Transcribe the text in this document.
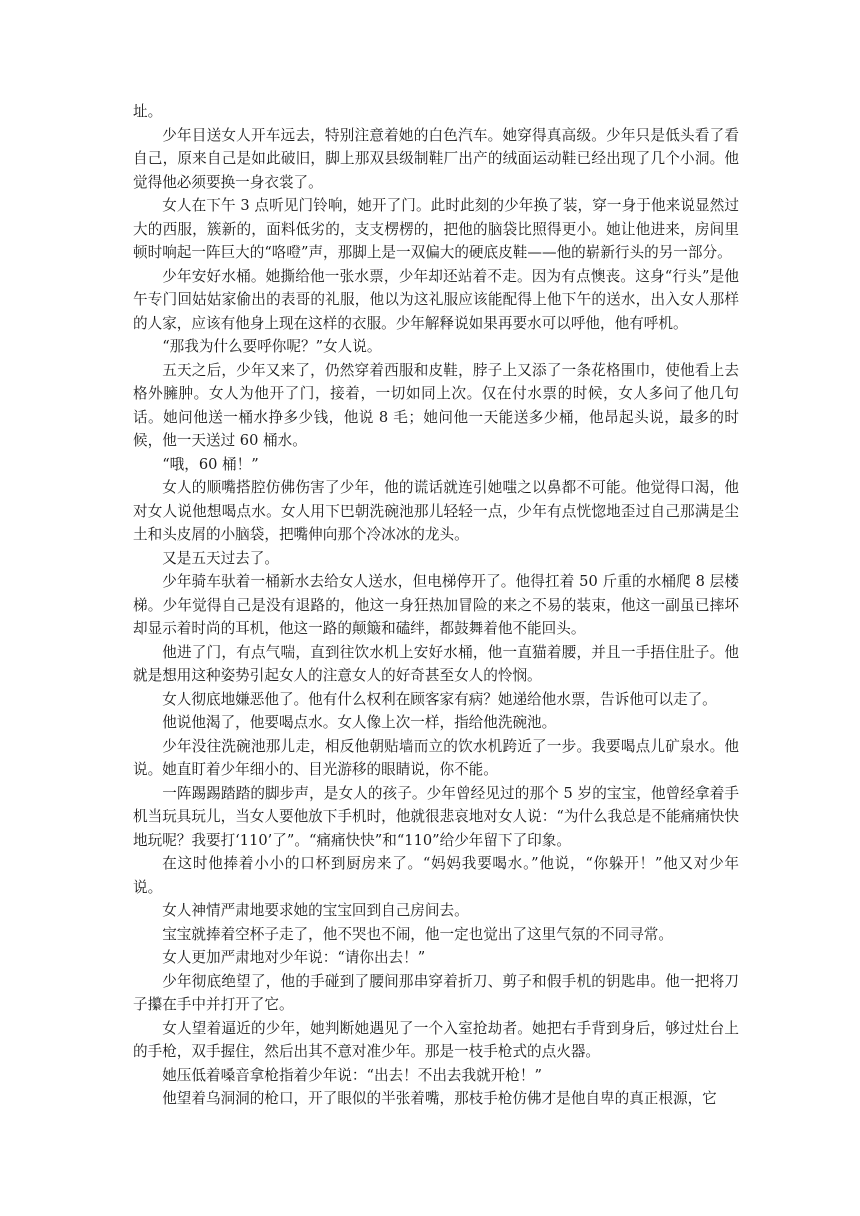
址。

少年目送女人开车远去，特别注意着她的白色汽车。她穿得真高级。少年只是低头看了看自己，原来自己是如此破旧，脚上那双县级制鞋厂出产的绒面运动鞋已经出现了几个小洞。他觉得他必须要换一身衣裳了。

女人在下午 3 点听见门铃响，她开了门。此时此刻的少年换了装，穿一身于他来说显然过大的西服，簇新的，面料低劣的，支支楞楞的，把他的脑袋比照得更小。她让他进来，房间里顿时响起一阵巨大的“咯噔”声，那脚上是一双偏大的硬底皮鞋——他的崭新行头的另一部分。

少年安好水桶。她撕给他一张水票，少年却还站着不走。因为有点懊丧。这身“行头”是他午专门回姑姑家偷出的表哥的礼服，他以为这礼服应该能配得上他下午的送水，出入女人那样的人家，应该有他身上现在这样的衣服。少年解释说如果再要水可以呼他，他有呼机。

“那我为什么要呼你呢？”女人说。

五天之后，少年又来了，仍然穿着西服和皮鞋，脖子上又添了一条花格围巾，使他看上去格外臃肿。女人为他开了门，接着，一切如同上次。仅在付水票的时候，女人多问了他几句话。她问他送一桶水挣多少钱，他说 8 毛；她问他一天能送多少桶，他昂起头说，最多的时候，他一天送过 60 桶水。

“哦，60 桶！”

女人的顺嘴搭腔仿佛伤害了少年，他的谎话就连引她嗤之以鼻都不可能。他觉得口渴，他对女人说他想喝点水。女人用下巴朝洗碗池那儿轻轻一点，少年有点恍惚地歪过自己那满是尘土和头皮屑的小脑袋，把嘴伸向那个冷冰冰的龙头。

又是五天过去了。

少年骑车驮着一桶新水去给女人送水，但电梯停开了。他得扛着 50 斤重的水桶爬 8 层楼梯。少年觉得自己是没有退路的，他这一身狂热加冒险的来之不易的装束，他这一副虽已摔坏却显示着时尚的耳机，他这一路的颠簸和磕绊，都鼓舞着他不能回头。

他进了门，有点气喘，直到往饮水机上安好水桶，他一直猫着腰，并且一手捂住肚子。他就是想用这种姿势引起女人的注意女人的好奇甚至女人的怜悯。

女人彻底地嫌恶他了。他有什么权利在顾客家有病？她递给他水票，告诉他可以走了。

他说他渴了，他要喝点水。女人像上次一样，指给他洗碗池。

少年没往洗碗池那儿走，相反他朝贴墙而立的饮水机跨近了一步。我要喝点儿矿泉水。他说。她直盯着少年细小的、目光游移的眼睛说，你不能。

一阵踢踢踏踏的脚步声，是女人的孩子。少年曾经见过的那个 5 岁的宝宝，他曾经拿着手机当玩具玩儿，当女人要他放下手机时，他就很悲哀地对女人说：“为什么我总是不能痛痛快快地玩呢？我要打‘110’了”。“痛痛快快”和“110”给少年留下了印象。

在这时他捧着小小的口杯到厨房来了。“妈妈我要喝水。”他说，“你躲开！”他又对少年说。

女人神情严肃地要求她的宝宝回到自己房间去。

宝宝就捧着空杯子走了，他不哭也不闹，他一定也觉出了这里气氛的不同寻常。

女人更加严肃地对少年说：“请你出去！”

少年彻底绝望了，他的手碰到了腰间那串穿着折刀、剪子和假手机的钥匙串。他一把将刀子攥在手中并打开了它。

女人望着逼近的少年，她判断她遇见了一个入室抢劫者。她把右手背到身后，够过灶台上的手枪，双手握住，然后出其不意对准少年。那是一枝手枪式的点火器。

她压低着嗓音拿枪指着少年说：“出去！不出去我就开枪！”

他望着乌洞洞的枪口，开了眼似的半张着嘴，那枝手枪仿佛才是他自卑的真正根源，它
